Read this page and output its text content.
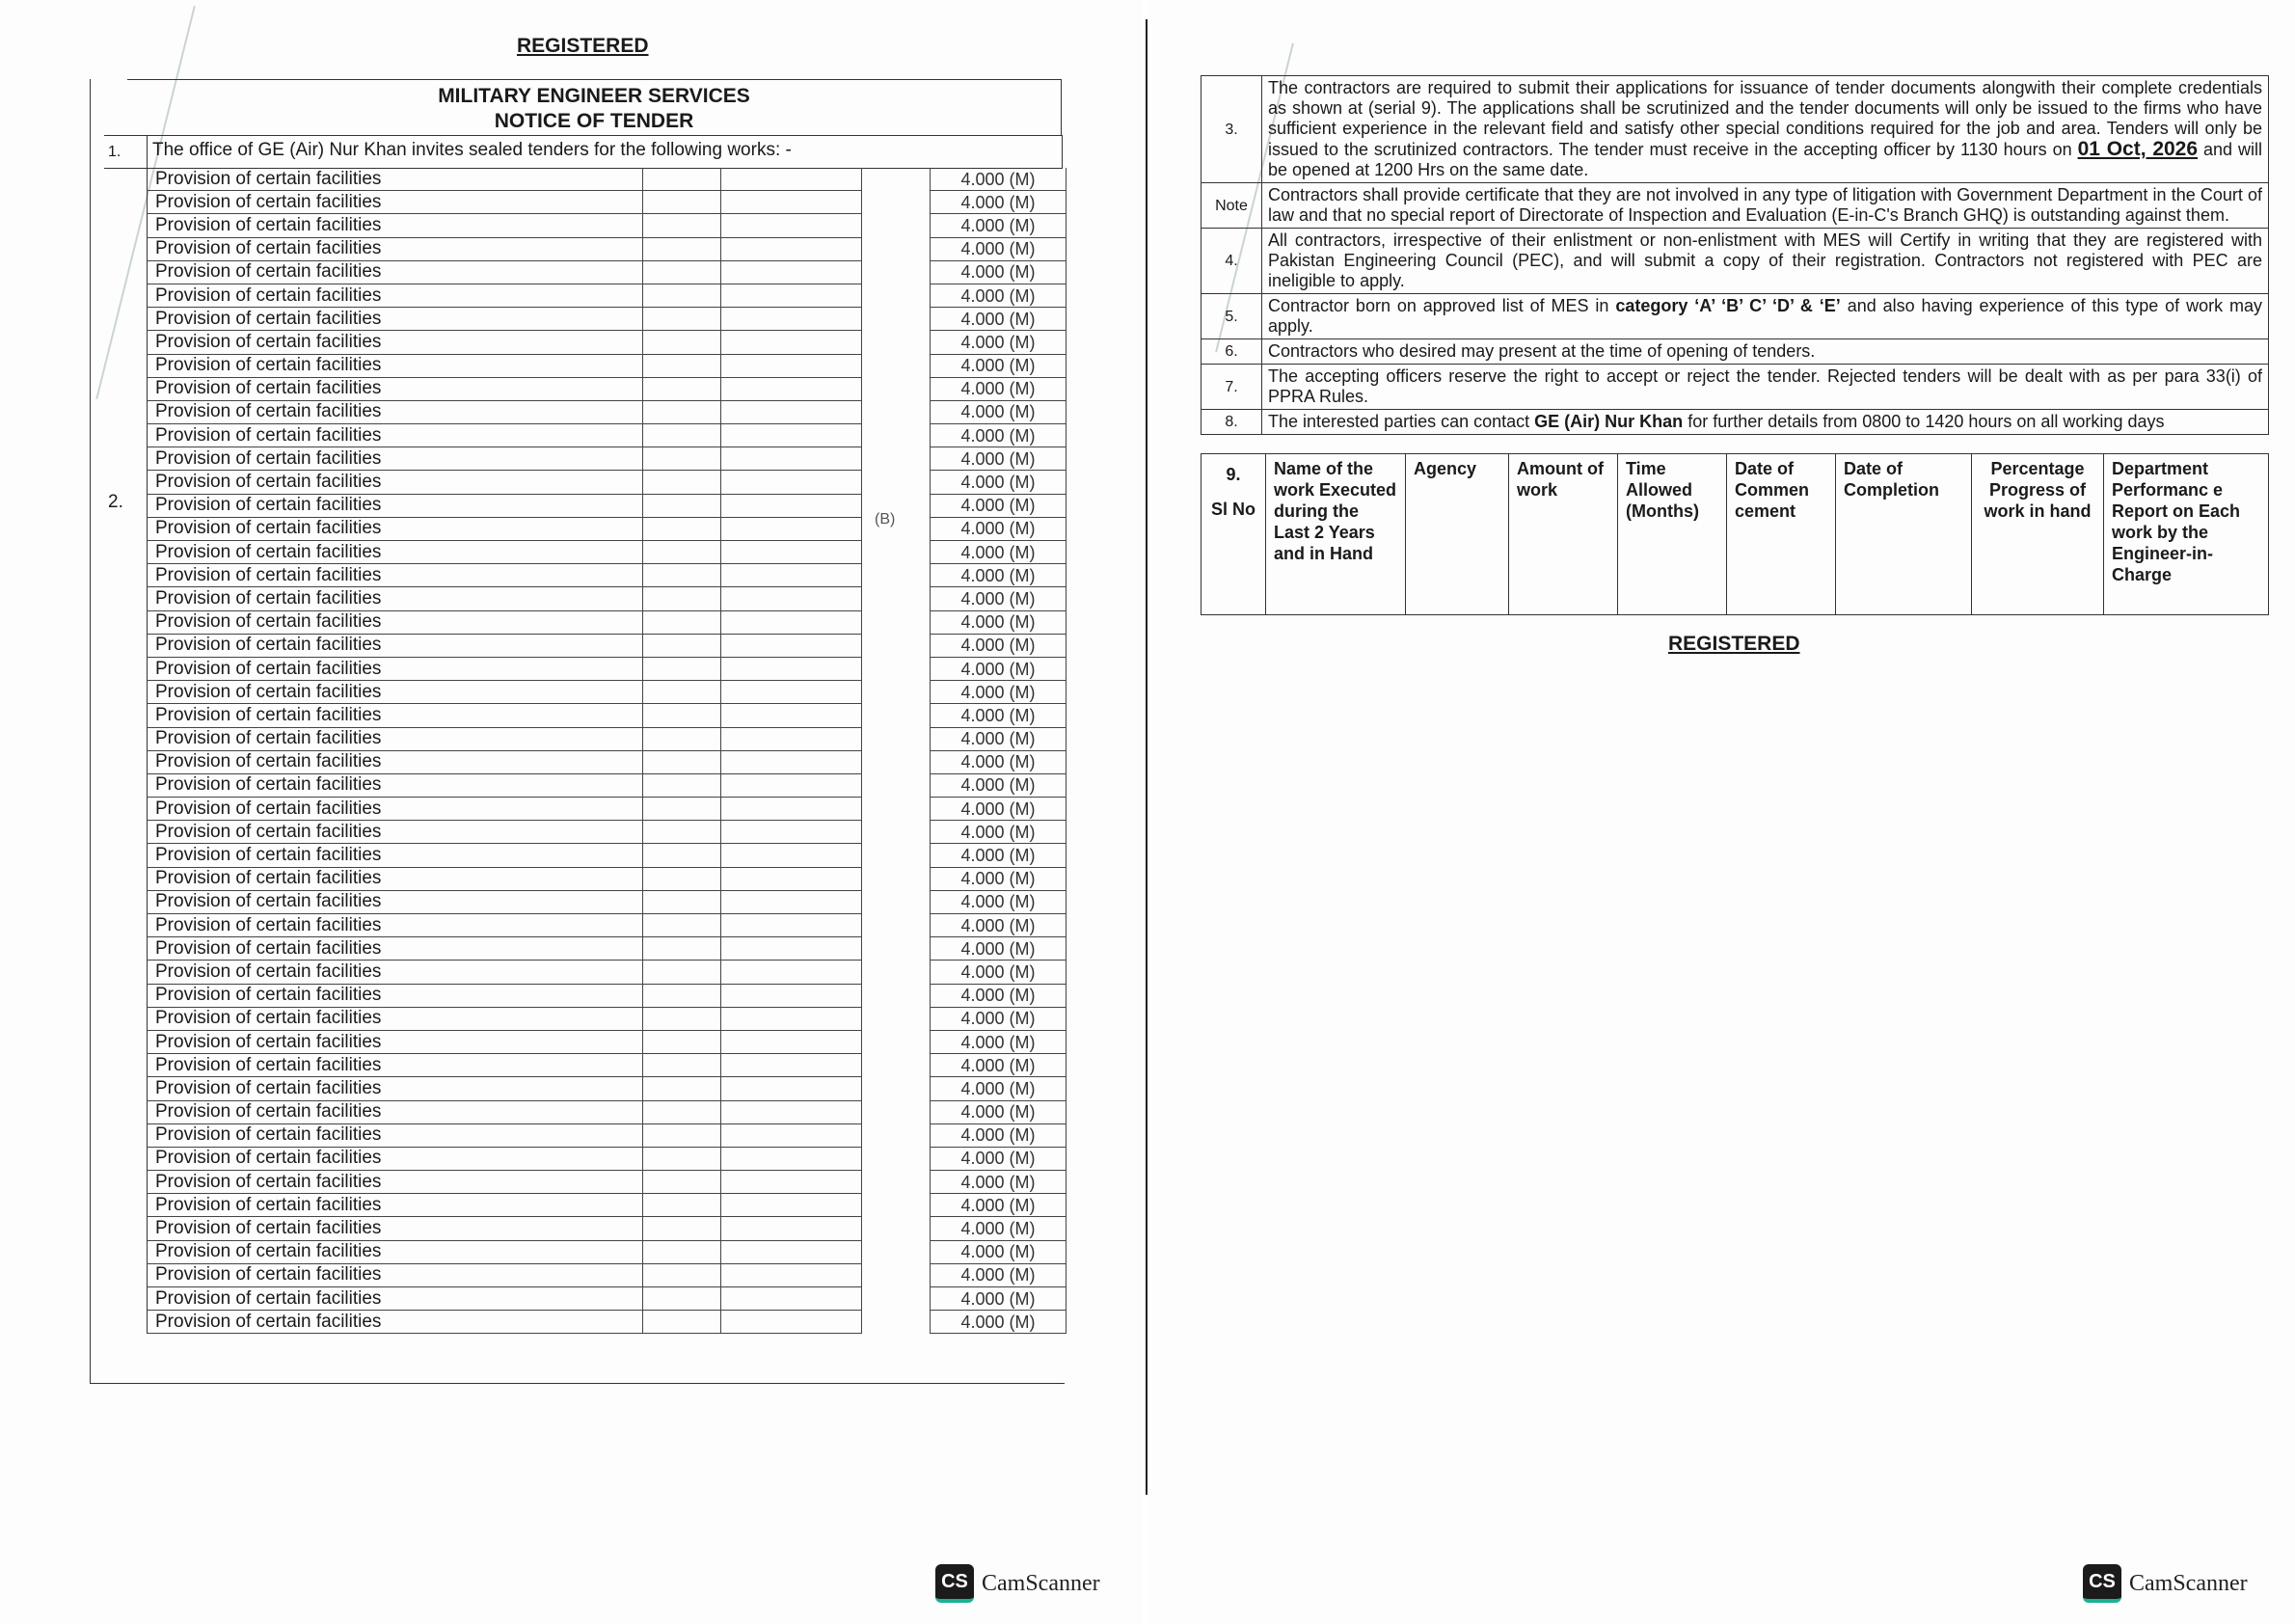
REGISTERED
MILITARY ENGINEER SERVICES
NOTICE OF TENDER
1. The office of GE (Air) Nur Khan invites sealed tenders for the following works: -
2.
(B)
Provision of certain facilities				4.000 (M)
Provision of certain facilities				4.000 (M)
Provision of certain facilities				4.000 (M)
Provision of certain facilities				4.000 (M)
Provision of certain facilities				4.000 (M)
Provision of certain facilities				4.000 (M)
Provision of certain facilities				4.000 (M)
Provision of certain facilities				4.000 (M)
Provision of certain facilities				4.000 (M)
Provision of certain facilities				4.000 (M)
Provision of certain facilities				4.000 (M)
Provision of certain facilities				4.000 (M)
Provision of certain facilities				4.000 (M)
Provision of certain facilities				4.000 (M)
Provision of certain facilities				4.000 (M)
Provision of certain facilities				4.000 (M)
Provision of certain facilities				4.000 (M)
Provision of certain facilities				4.000 (M)
Provision of certain facilities				4.000 (M)
Provision of certain facilities				4.000 (M)
Provision of certain facilities				4.000 (M)
Provision of certain facilities				4.000 (M)
Provision of certain facilities				4.000 (M)
Provision of certain facilities				4.000 (M)
Provision of certain facilities				4.000 (M)
Provision of certain facilities				4.000 (M)
Provision of certain facilities				4.000 (M)
Provision of certain facilities				4.000 (M)
Provision of certain facilities				4.000 (M)
Provision of certain facilities				4.000 (M)
Provision of certain facilities				4.000 (M)
Provision of certain facilities				4.000 (M)
Provision of certain facilities				4.000 (M)
Provision of certain facilities				4.000 (M)
Provision of certain facilities				4.000 (M)
Provision of certain facilities				4.000 (M)
Provision of certain facilities				4.000 (M)
Provision of certain facilities				4.000 (M)
Provision of certain facilities				4.000 (M)
Provision of certain facilities				4.000 (M)
Provision of certain facilities				4.000 (M)
Provision of certain facilities				4.000 (M)
Provision of certain facilities				4.000 (M)
Provision of certain facilities				4.000 (M)
Provision of certain facilities				4.000 (M)
Provision of certain facilities				4.000 (M)
Provision of certain facilities				4.000 (M)
Provision of certain facilities				4.000 (M)
Provision of certain facilities				4.000 (M)
Provision of certain facilities				4.000 (M)
CS CamScanner
3.	The contractors are required to submit their applications for issuance of tender documents alongwith their complete credentials as shown at (serial 9). The applications shall be scrutinized and the tender documents will only be issued to the firms who have sufficient experience in the relevant field and satisfy other special conditions required for the job and area. Tenders will only be issued to the scrutinized contractors. The tender must receive in the accepting officer by 1130 hours on 01 Oct, 2026 and will be opened at 1200 Hrs on the same date.
Note	Contractors shall provide certificate that they are not involved in any type of litigation with Government Department in the Court of law and that no special report of Directorate of Inspection and Evaluation (E-in-C's Branch GHQ) is outstanding against them.
4.	All contractors, irrespective of their enlistment or non-enlistment with MES will Certify in writing that they are registered with Pakistan Engineering Council (PEC), and will submit a copy of their registration. Contractors not registered with PEC are ineligible to apply.
5.	Contractor born on approved list of MES in category ‘A’ ‘B’ C’ ‘D’ & ‘E’ and also having experience of this type of work may apply.
6.	Contractors who desired may present at the time of opening of tenders.
7.	The accepting officers reserve the right to accept or reject the tender. Rejected tenders will be dealt with as per para 33(i) of PPRA Rules.
8.	The interested parties can contact GE (Air) Nur Khan for further details from 0800 to 1420 hours on all working days
9.
Sl No
	Name of the work Executed during the Last 2 Years and in Hand	Agency	Amount of work	Time Allowed (Months)	Date of Commen cement	Date of Completion	Percentage Progress of work in hand	Department Performanc e Report on Each work by the Engineer-in-Charge
REGISTERED
CS CamScanner
